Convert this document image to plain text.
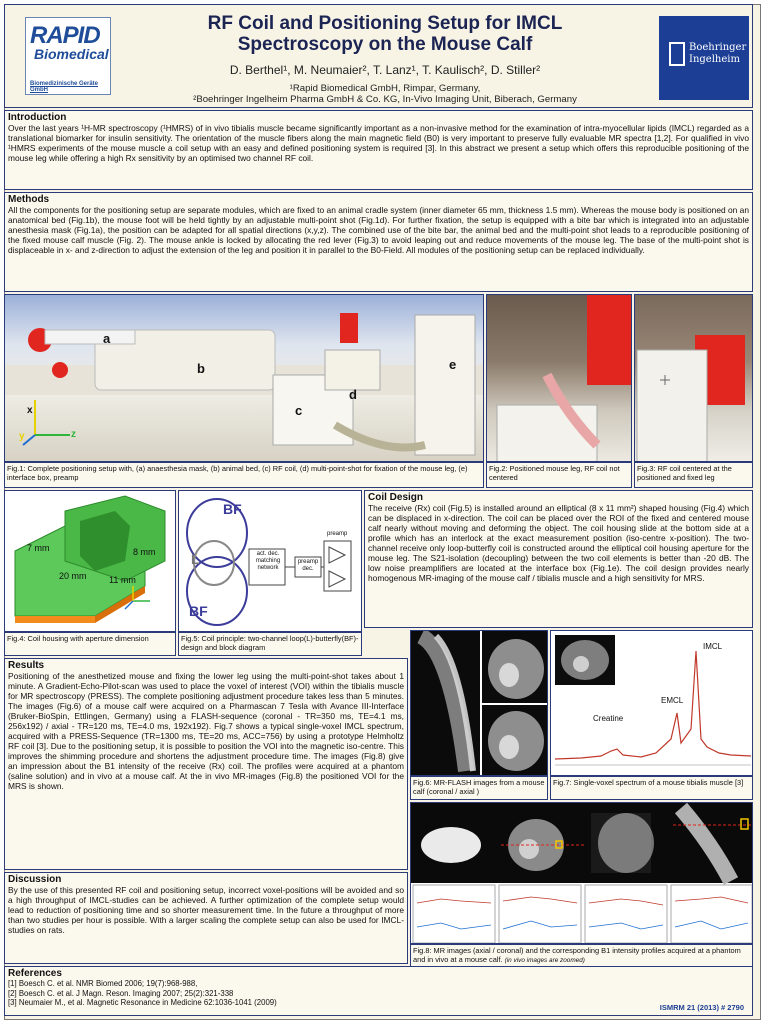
RAPID
Biomedical
Biomedizinische Geräte GmbH
RF Coil and Positioning Setup for IMCL
Spectroscopy on the Mouse Calf
D. Berthel¹, M. Neumaier², T. Lanz¹, T. Kaulisch², D. Stiller²
¹Rapid Biomedical GmbH, Rimpar, Germany,
²Boehringer Ingelheim Pharma GmbH & Co. KG, In-Vivo Imaging Unit, Biberach, Germany
Boehringer
Ingelheim
Introduction

Over the last years ¹H-MR spectroscopy (¹HMRS) of in vivo tibialis muscle became significantly important as a non-invasive method for the examination of intra-myocellular lipids (IMCL) regarded as a translational biomarker for insulin sensitivity. The orientation of the muscle fibers along the main magnetic field (B0) is very important to preserve fully evaluable MR spectra [1,2]. For qualified in vivo ¹HMRS experiments of the mouse muscle a coil setup with an easy and defined positioning system is required [3]. In this abstract we present a setup which offers this reproducible positioning of the mouse leg while offering a high Rx sensitivity by an optimised two channel RF coil.

Methods

All the components for the positioning setup are separate modules, which are fixed to an animal cradle system (inner diameter 65 mm, thickness 1.5 mm). Whereas the mouse body is positioned on an anatomical bed (Fig.1b), the mouse foot will be held tightly by an adjustable multi-point shot (Fig.1d). For further fixation, the setup is equipped with a bite bar which is integrated into an adjustable anesthesia mask (Fig.1a), the position can be adapted for all spatial directions (x,y,z). The combined use of the bite bar, the animal bed and the multi-point shot leads to a reproducible positioning of the fixed mouse calf muscle (Fig. 2). The mouse ankle is locked by allocating the red lever (Fig.3) to avoid leaping out and reduce movements of the mouse leg. The base of the multi-point shot is displaceable in x- and z-direction to adjust the extension of the leg and position it in parallel to the B0-Field. All modules of the positioning setup can be replaced individually.

a
b
c
d
e
x
y	z
Fig.1: Complete positioning setup with, (a) anaesthesia mask, (b) animal bed, (c) RF coil, (d) multi-point-shot for fixation of the mouse leg, (e) interface box, preamp
Fig.2: Positioned mouse leg, RF coil not centered
Fig.3: RF coil centered at the positioned and fixed leg
7 mm	8 mm
20 mm 11 mm
Fig.4: Coil housing with aperture dimension
BF
L
BF
act. dec. matching network
preamp dec.
preamp
Fig.5: Coil principle: two-channel loop(L)-butterfly(BF)-design and block diagram
Coil Design

The receive (Rx) coil (Fig.5) is installed around an elliptical (8 x 11 mm²) shaped housing (Fig.4) which can be displaced in x-direction. The coil can be placed over the ROI of the fixed and centered mouse calf nearly without moving and deforming the object. The coil housing slide at the bottom side at a profile which has an interlock at the exact measurement position (iso-centre x-position). The two-channel receive only loop-butterfly coil is constructed around the elliptical coil housing aperture for the mouse leg. The S21-isolation (decoupling) between the two coil elements is better than -20 dB. The low noise preamplifiers are located at the interface box (Fig.1e). The coil design provides nearly homogenous MR-imaging of the mouse calf / tibialis muscle and a high sensitivity for MRS.

Results

Positioning of the anesthetized mouse and fixing the lower leg using the multi-point-shot takes about 1 minute. A Gradient-Echo-Pilot-scan was used to place the voxel of interest (VOI) within the tibialis muscle for MR spectroscopy (PRESS). The complete positioning adjustment procedure takes less than 5 minutes. The images (Fig.6) of a mouse calf were acquired on a Pharmascan 7 Tesla with Avance III-Interface (Bruker-BioSpin, Ettlingen, Germany) using a FLASH-sequence (coronal - TR=350 ms, TE=4.1 ms, 256x192) / axial - TR=120 ms, TE=4.0 ms, 192x192). Fig.7 shows a typical single-voxel IMCL spectrum, acquired with a PRESS-Sequence (TR=1300 ms, TE=20 ms, ACC=756) by using a prototype Helmholtz RF coil [3]. Due to the positioning setup, it is possible to position the VOI into the magnetic iso-centre. This improves the shimming procedure and shortens the adjustment procedure time. The images (Fig.8) give an impression about the B1 intensity of the receive (Rx) coil. The profiles were acquired at a phantom (saline solution) and in vivo at a mouse calf. At the in vivo MR-images (Fig.8) the positioned VOI for the MRS is shown.	Fig.6: MR-FLASH images from a mouse calf (coronal / axial )
IMCL
EMCL
Creatine
Fig.7: Single-voxel spectrum of a mouse tibialis muscle [3]
Fig.8: MR images (axial / coronal) and the corresponding B1 intensity profiles acquired at a phantom and in vivo at a mouse calf. (in vivo images are zoomed)
Discussion

By the use of this presented RF coil and positioning setup, incorrect voxel-positions will be avoided and so a high throughput of IMCL-studies can be achieved. A further optimization of the complete setup would lead to reduction of positioning time and so shorter measurement time. In the future a throughput of more than two studies per hour is possible. With a larger scaling the complete setup can also be used for IMCL-studies on rats.

References

[1] Boesch C. et al. NMR Biomed 2006; 19(7):968-988,

[2] Boesch C. et al. J Magn. Reson. Imaging 2007; 25(2):321-338

[3] Neumaier M., et al. Magnetic Resonance in Medicine 62:1036-1041 (2009)

ISMRM 21 (2013) # 2790
